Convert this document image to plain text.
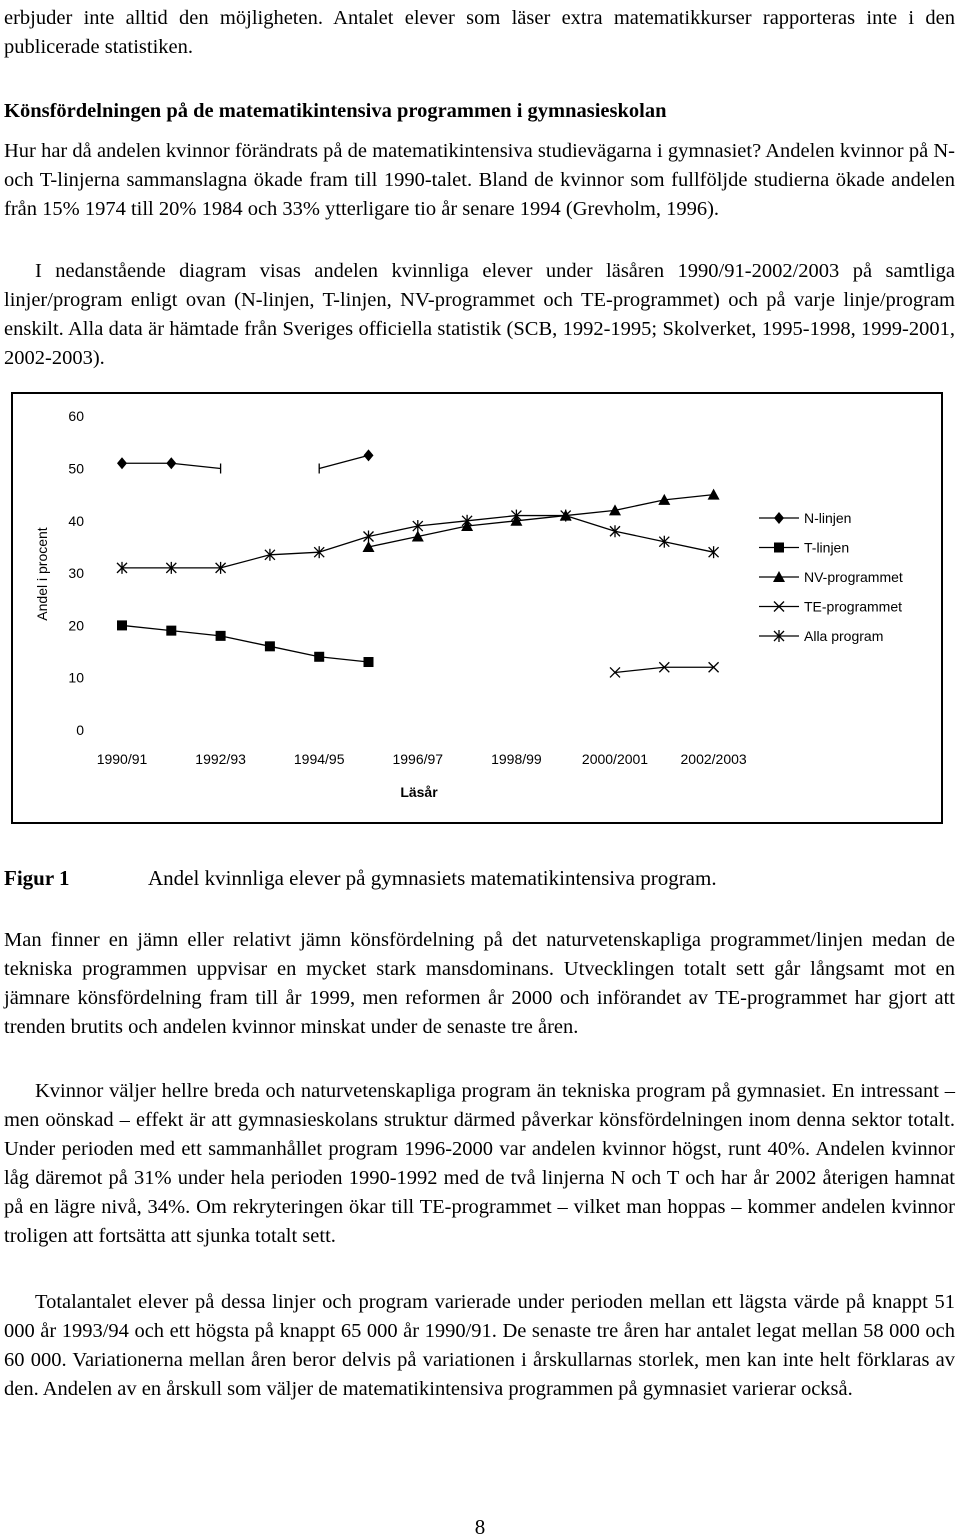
erbjuder inte alltid den möjligheten. Antalet elever som läser extra matematikkurser rapporteras inte i den publicerade statistiken.

Könsfördelningen på de matematikintensiva programmen i gymnasieskolan

Hur har då andelen kvinnor förändrats på de matematikintensiva studievägarna i gymnasiet? Andelen kvinnor på N- och T-linjerna sammanslagna ökade fram till 1990-talet. Bland de kvinnor som fullföljde studierna ökade andelen från 15% 1974 till 20% 1984 och 33% ytterligare tio år senare 1994 (Grevholm, 1996).

I nedanstående diagram visas andelen kvinnliga elever under läsåren 1990/91-2002/2003 på samtliga linjer/program enligt ovan (N-linjen, T-linjen, NV-programmet och TE-programmet) och på varje linje/program enskilt. Alla data är hämtade från Sveriges officiella statistik (SCB, 1992-1995; Skolverket, 1995-1998, 1999-2001, 2002-2003).

0
10
20
30
40
50
60
Andel i procent
1990/91	1992/93	1994/95	1996/97	1998/99	2000/2001 2002/2003
Läsår
N-linjen
T-linjen
NV-programmet
TE-programmet
Alla program
Figur 1	Andel kvinnliga elever på gymnasiets matematikintensiva program.

Man finner en jämn eller relativt jämn könsfördelning på det naturvetenskapliga programmet/linjen medan de tekniska programmen uppvisar en mycket stark mansdominans. Utvecklingen totalt sett går långsamt mot en jämnare könsfördelning fram till år 1999, men reformen år 2000 och införandet av TE-programmet har gjort att trenden brutits och andelen kvinnor minskat under de senaste tre åren.

Kvinnor väljer hellre breda och naturvetenskapliga program än tekniska program på gymnasiet. En intressant – men oönskad – effekt är att gymnasieskolans struktur därmed påverkar könsfördelningen inom denna sektor totalt. Under perioden med ett sammanhållet program 1996-2000 var andelen kvinnor högst, runt 40%. Andelen kvinnor låg däremot på 31% under hela perioden 1990-1992 med de två linjerna N och T och har år 2002 återigen hamnat på en lägre nivå, 34%. Om rekryteringen ökar till TE-programmet – vilket man hoppas – kommer andelen kvinnor troligen att fortsätta att sjunka totalt sett.

Totalantalet elever på dessa linjer och program varierade under perioden mellan ett lägsta värde på knappt 51 000 år 1993/94 och ett högsta på knappt 65 000 år 1990/91. De senaste tre åren har antalet legat mellan 58 000 och 60 000. Variationerna mellan åren beror delvis på variationen i årskullarnas storlek, men kan inte helt förklaras av den. Andelen av en årskull som väljer de matematikintensiva programmen på gymnasiet varierar också.

8
